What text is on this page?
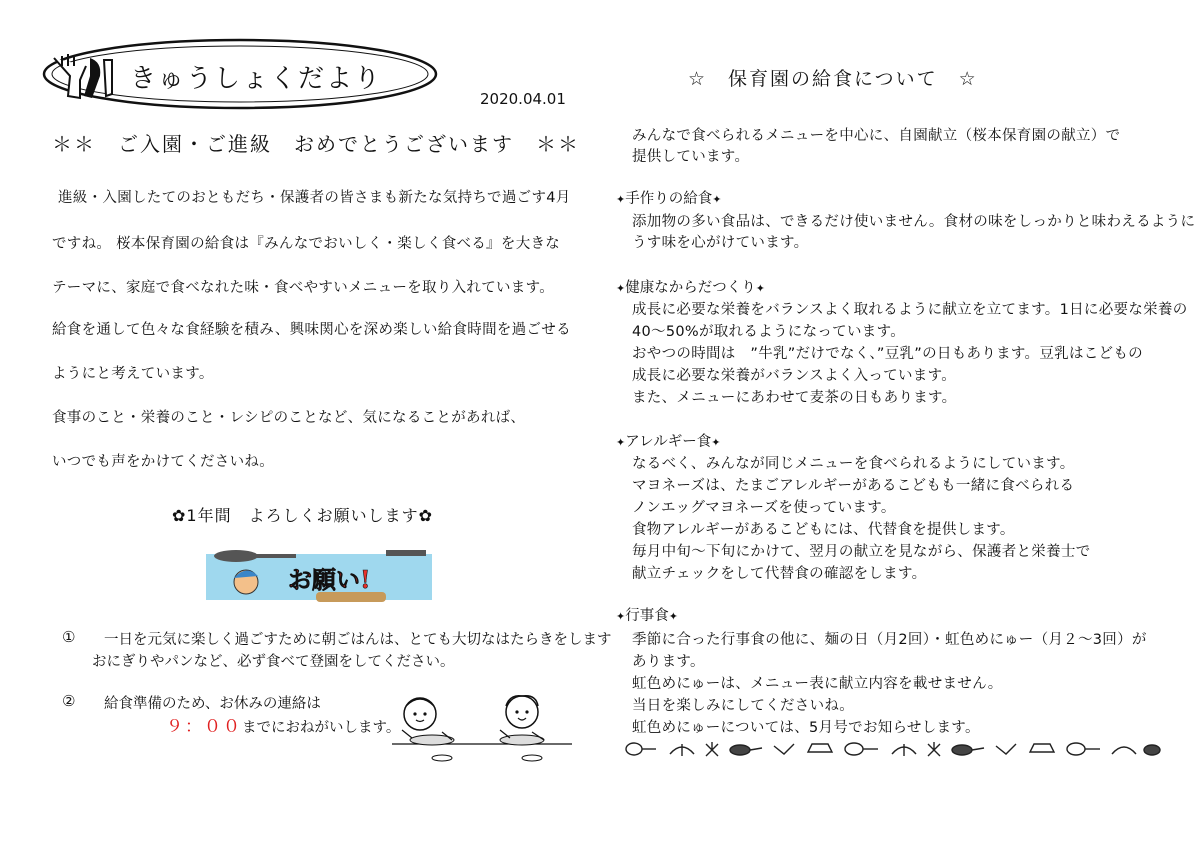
きゅうしょくだより
2020.04.01
＊＊　ご入園・ご進級　おめでとうございます　＊＊
進級・入園したてのおともだち・保護者の皆さまも新たな気持ちで過ごす4月
ですね。 桜本保育園の給食は『みんなでおいしく・楽しく食べる』を大きな
テーマに、家庭で食べなれた味・食べやすいメニューを取り入れています。
給食を通して色々な食経験を積み、興味関心を深め楽しい給食時間を過ごせる
ようにと考えています。
食事のこと・栄養のこと・レシピのことなど、気になることがあれば、
いつでも声をかけてくださいね。
✿1年間　よろしくお願いします✿
お願い!
① 一日を元気に楽しく過ごすために朝ごはんは、とても大切なはたらきをします
おにぎりやパンなど、必ず食べて登園をしてください。
② 給食準備のため、お休みの連絡は
９：００までにおねがいします。
☆　保育園の給食について　☆
みんなで食べられるメニューを中心に、自園献立（桜本保育園の献立）で
提供しています。
✦手作りの給食✦
添加物の多い食品は、できるだけ使いません。食材の味をしっかりと味わえるように
うす味を心がけています。
✦健康なからだつくり✦
成長に必要な栄養をバランスよく取れるように献立を立てます。1日に必要な栄養の
40～50%が取れるようになっています。
おやつの時間は　”牛乳”だけでなく、”豆乳”の日もあります。豆乳はこどもの
成長に必要な栄養がバランスよく入っています。
また、メニューにあわせて麦茶の日もあります。
✦アレルギー食✦
なるべく、みんなが同じメニューを食べられるようにしています。
マヨネーズは、たまごアレルギーがあるこどもも一緒に食べられる
ノンエッグマヨネーズを使っています。
食物アレルギーがあるこどもには、代替食を提供します。
毎月中旬～下旬にかけて、翌月の献立を見ながら、保護者と栄養士で
献立チェックをして代替食の確認をします。
✦行事食✦
季節に合った行事食の他に、麺の日（月2回）・虹色めにゅー（月２～3回）が
あります。
虹色めにゅーは、メニュー表に献立内容を載せません。
当日を楽しみにしてくださいね。
虹色めにゅーについては、5月号でお知らせします。
